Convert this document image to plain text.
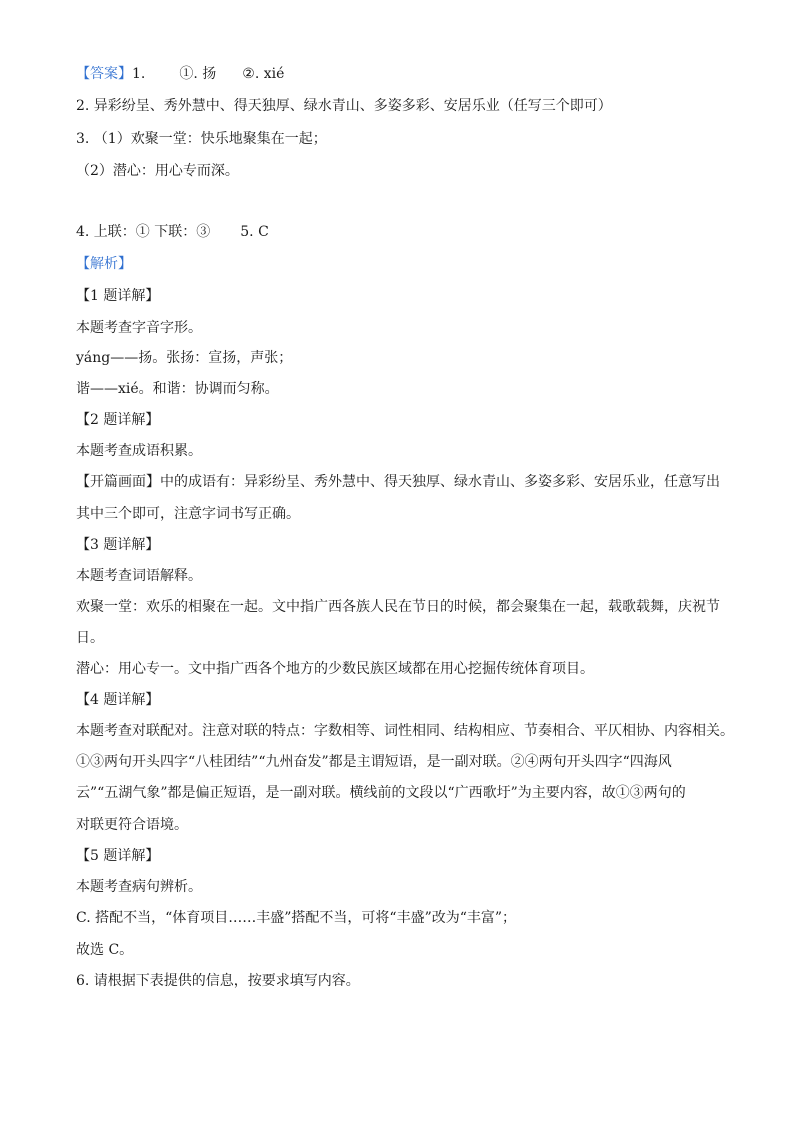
【答案】1. ①. 扬 ②. xié
2. 异彩纷呈、秀外慧中、得天独厚、绿水青山、多姿多彩、安居乐业（任写三个即可）
3. （1）欢聚一堂：快乐地聚集在一起；
（2）潜心：用心专而深。
4. 上联：① 下联：③ 5. C
【解析】
【1 题详解】
本题考查字音字形。
yáng——扬。张扬：宣扬，声张；
谐——xié。和谐：协调而匀称。
【2 题详解】
本题考查成语积累。
【开篇画面】中的成语有：异彩纷呈、秀外慧中、得天独厚、绿水青山、多姿多彩、安居乐业，任意写出
其中三个即可，注意字词书写正确。
【3 题详解】
本题考查词语解释。
欢聚一堂：欢乐的相聚在一起。文中指广西各族人民在节日的时候，都会聚集在一起，载歌载舞，庆祝节
日。
潜心：用心专一。文中指广西各个地方的少数民族区域都在用心挖掘传统体育项目。
【4 题详解】
本题考查对联配对。注意对联的特点：字数相等、词性相同、结构相应、节奏相合、平仄相协、内容相关。
①③两句开头四字“八桂团结”“九州奋发”都是主谓短语，是一副对联。②④两句开头四字“四海风
云”“五湖气象”都是偏正短语，是一副对联。横线前的文段以“广西歌圩”为主要内容，故①③两句的
对联更符合语境。
【5 题详解】
本题考查病句辨析。
C. 搭配不当，“体育项目……丰盛”搭配不当，可将“丰盛”改为“丰富”；
故选 C。
6. 请根据下表提供的信息，按要求填写内容。
